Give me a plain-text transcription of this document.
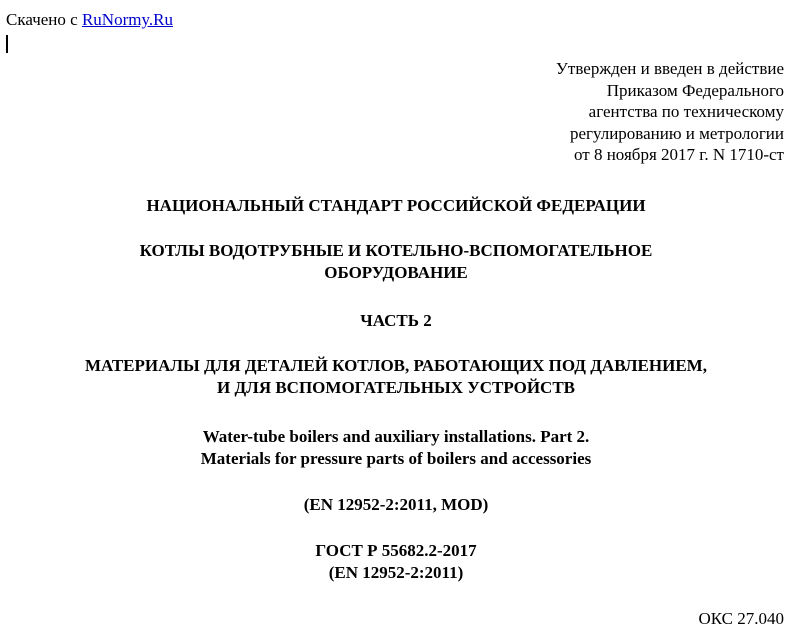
Скачено с RuNormy.Ru
Утвержден и введен в действие
Приказом Федерального
агентства по техническому
регулированию и метрологии
от 8 ноября 2017 г. N 1710-ст
НАЦИОНАЛЬНЫЙ СТАНДАРТ РОССИЙСКОЙ ФЕДЕРАЦИИ
КОТЛЫ ВОДОТРУБНЫЕ И КОТЕЛЬНО-ВСПОМОГАТЕЛЬНОЕ
ОБОРУДОВАНИЕ
ЧАСТЬ 2
МАТЕРИАЛЫ ДЛЯ ДЕТАЛЕЙ КОТЛОВ, РАБОТАЮЩИХ ПОД ДАВЛЕНИЕМ,
И ДЛЯ ВСПОМОГАТЕЛЬНЫХ УСТРОЙСТВ
Water-tube boilers and auxiliary installations. Part 2.
Materials for pressure parts of boilers and accessories
(EN 12952-2:2011, MOD)
ГОСТ Р 55682.2-2017
(EN 12952-2:2011)
ОКС 27.040
